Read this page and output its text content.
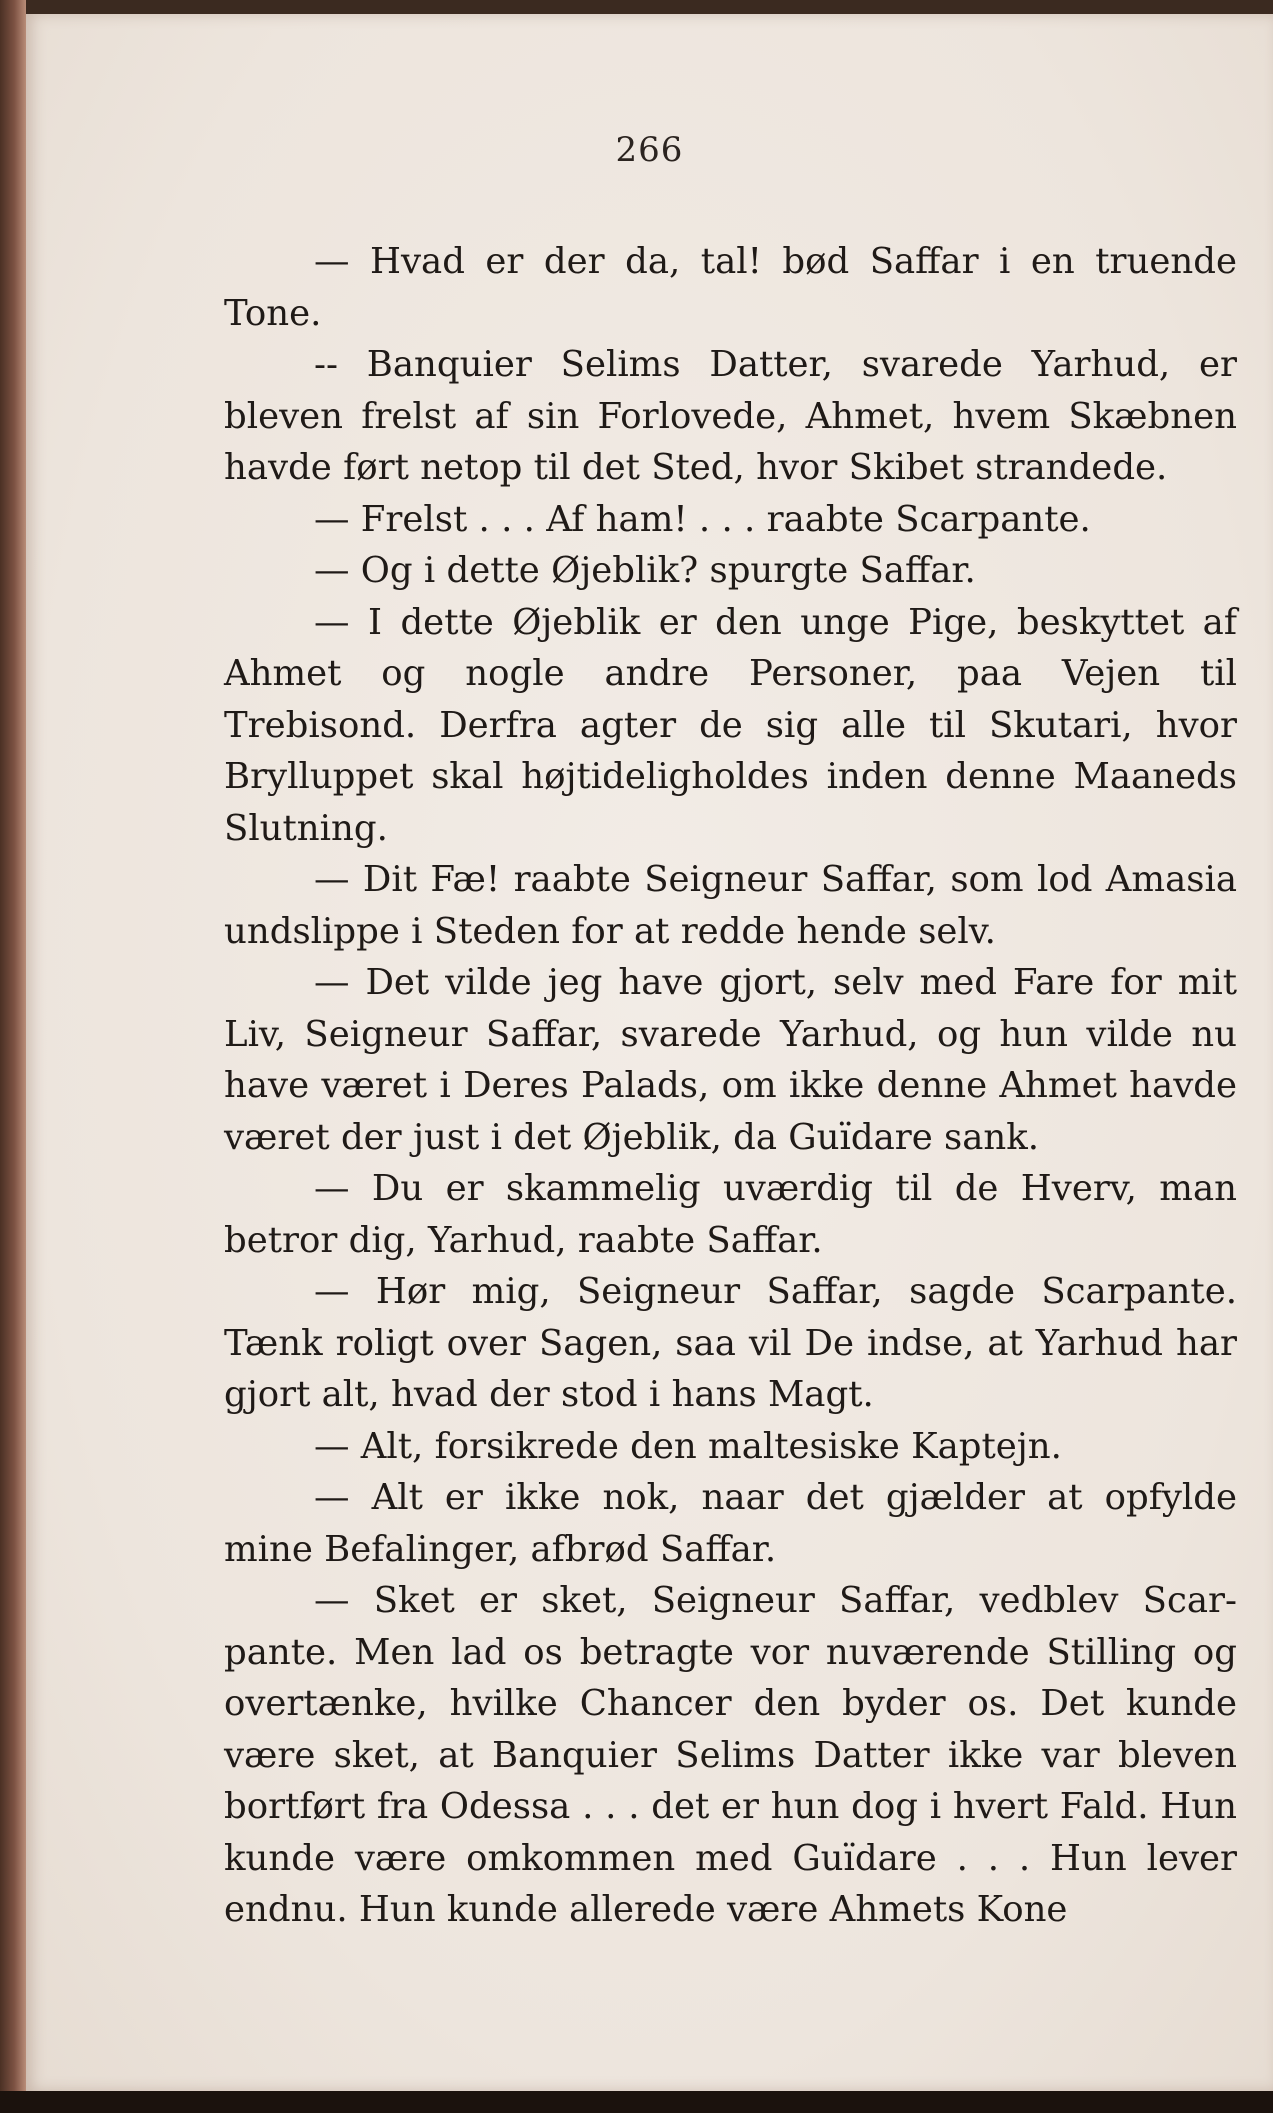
266

— Hvad er der da, tal! bød Saffar i en truende Tone.

-- Banquier Selims Datter, svarede Yarhud, er bleven frelst af sin Forlovede, Ahmet, hvem Skæbnen havde ført netop til det Sted, hvor Skibet strandede.

— Frelst . . . Af ham! . . . raabte Scarpante.

— Og i dette Øjeblik? spurgte Saffar.

— I dette Øjeblik er den unge Pige, beskyttet af Ahmet og nogle andre Personer, paa Vejen til Trebisond. Derfra agter de sig alle til Skutari, hvor Brylluppet skal højtideligholdes inden denne Maaneds Slutning.

— Dit Fæ! raabte Seigneur Saffar, som lod Amasia undslippe i Steden for at redde hende selv.

— Det vilde jeg have gjort, selv med Fare for mit Liv, Seigneur Saffar, svarede Yarhud, og hun vilde nu have været i Deres Palads, om ikke denne Ahmet havde været der just i det Øjeblik, da Guïdare sank.

— Du er skammelig uværdig til de Hverv, man betror dig, Yarhud, raabte Saffar.

— Hør mig, Seigneur Saffar, sagde Scarpante. Tænk roligt over Sagen, saa vil De indse, at Yarhud har gjort alt, hvad der stod i hans Magt.

— Alt, forsikrede den maltesiske Kaptejn.

— Alt er ikke nok, naar det gjælder at opfylde mine Befalinger, afbrød Saffar.

— Sket er sket, Seigneur Saffar, vedblev Scarpante. Men lad os betragte vor nuværende Stilling og overtænke, hvilke Chancer den byder os. Det kunde være sket, at Banquier Selims Datter ikke var bleven bortført fra Odessa . . . det er hun dog i hvert Fald. Hun kunde være omkommen med Guïdare . . . Hun lever endnu. Hun kunde allerede være Ahmets Kone
